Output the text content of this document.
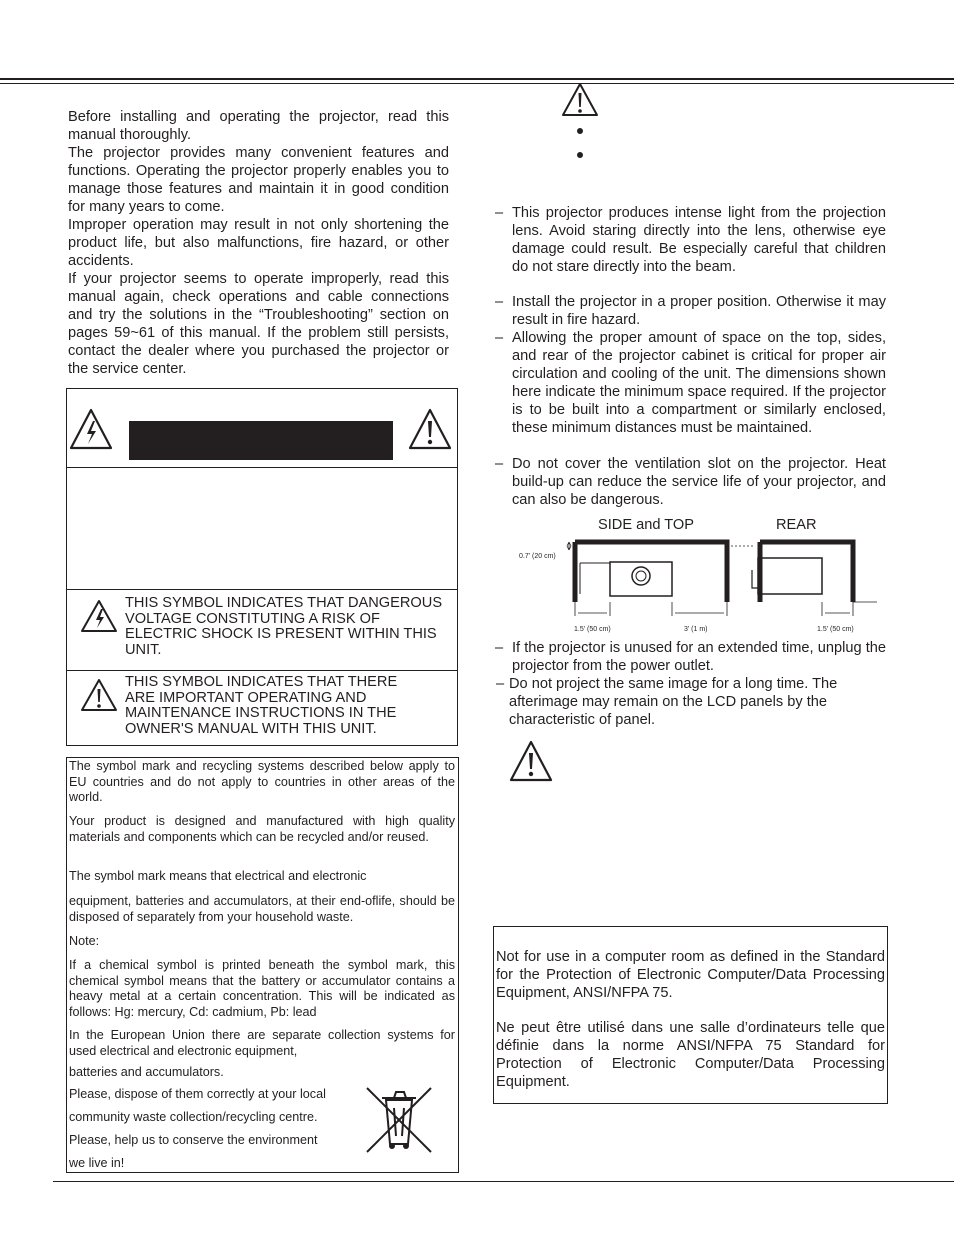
Before installing and operating the projector, read this manual thoroughly.

The projector provides many convenient features and functions. Operating the projector properly enables you to manage those features and maintain it in good condition for many years to come.

Improper operation may result in not only shortening the product life, but also malfunctions, fire hazard, or other accidents.

If your projector seems to operate improperly, read this manual again, check operations and cable connections and try the solutions in the “Troubleshooting” section on pages 59~61 of this manual. If the problem still persists, contact the dealer where you purchased the projector or the service center.

THIS SYMBOL INDICATES THAT DANGEROUS VOLTAGE CONSTITUTING A RISK OF ELECTRIC SHOCK IS PRESENT WITHIN THIS UNIT.
THIS SYMBOL INDICATES THAT THERE ARE IMPORTANT OPERATING AND MAINTENANCE INSTRUCTIONS IN THE OWNER'S MANUAL WITH THIS UNIT.

The symbol mark and recycling systems described below apply to EU countries and do not apply to countries in other areas of the world.

Your product is designed and manufactured with high quality materials and components which can be recycled and/or reused.

The symbol mark means that electrical and electronic

equipment, batteries and accumulators, at their end-oflife, should be disposed of separately from your household waste.

Note:

If a chemical symbol is printed beneath the symbol mark, this chemical symbol means that the battery or accumulator contains a heavy metal at a certain concentration. This will be indicated as follows: Hg: mercury, Cd: cadmium, Pb: lead

In the European Union there are separate collection systems for used electrical and electronic equipment,

batteries and accumulators.

Please, dispose of them correctly at your local

community waste collection/recycling centre.

Please, help us to conserve the environment

we live in!

– This projector produces intense light from the projection lens. Avoid staring directly into the lens, otherwise eye damage could result. Be especially careful that children do not stare directly into the beam.
– Install the projector in a proper position. Otherwise it may result in fire hazard.
– Allowing the proper amount of space on the top, sides, and rear of the projector cabinet is critical for proper air circulation and cooling of the unit. The dimensions shown here indicate the minimum space required. If the projector is to be built into a compartment or similarly enclosed, these minimum distances must be maintained.
– Do not cover the ventilation slot on the projector. Heat build-up can reduce the service life of your projector, and can also be dangerous.
SIDE and TOP	REAR
0.7' (20 cm)
1.5' (50 cm)	3' (1 m)	1.5' (50 cm)
– If the projector is unused for an extended time, unplug the projector from the power outlet.
– Do not project the same image for a long time. The afterimage may remain on the LCD panels by the characteristic of panel.

Not for use in a computer room as defined in the Standard for the Protection of Electronic Computer/Data Processing Equipment, ANSI/NFPA 75.

Ne peut être utilisé dans une salle d’ordinateurs telle que définie dans la norme ANSI/NFPA 75 Standard for Protection of Electronic Computer/Data Processing Equipment.
